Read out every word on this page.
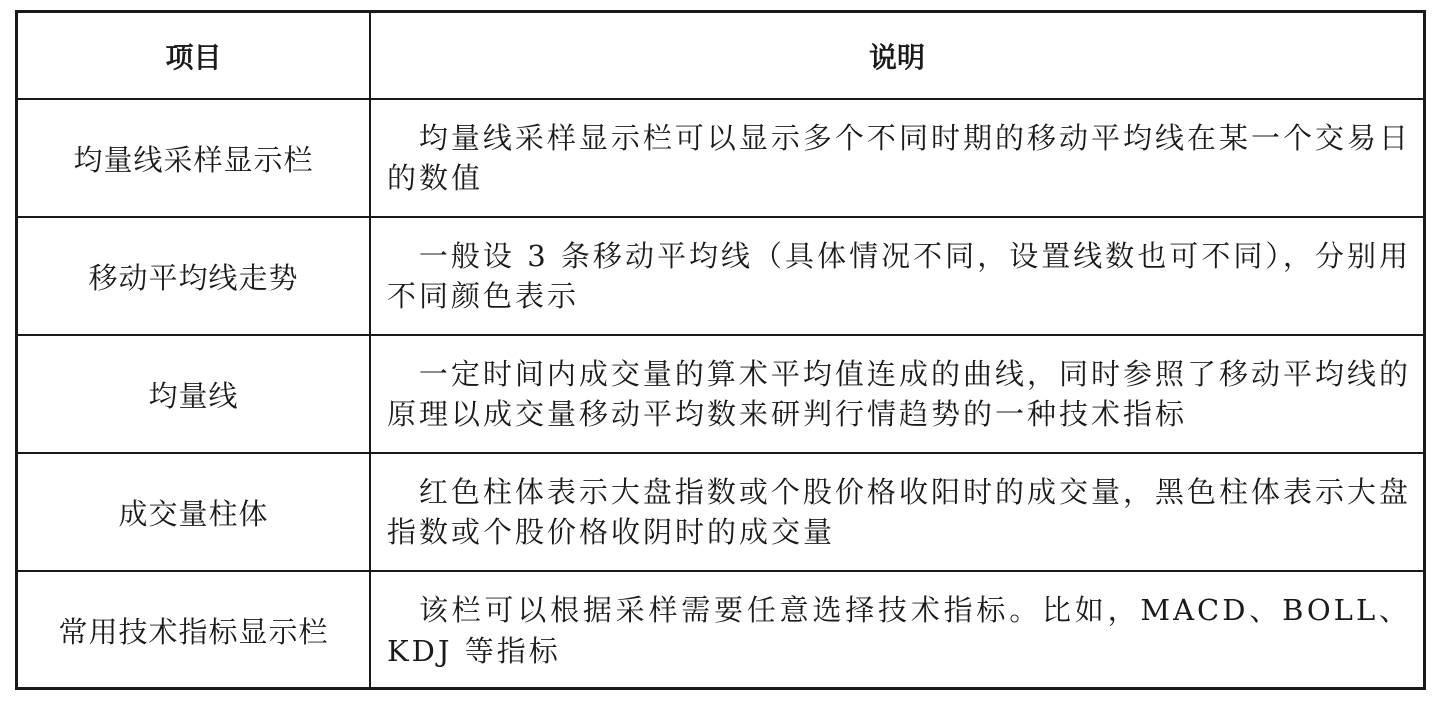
项目	说明
均量线采样显示栏	均量线采样显示栏可以显示多个不同时期的移动平均线在某一个交易日的数值
移动平均线走势	一般设 3 条移动平均线（具体情况不同，设置线数也可不同），分别用不同颜色表示
均量线	一定时间内成交量的算术平均值连成的曲线，同时参照了移动平均线的原理以成交量移动平均数来研判行情趋势的一种技术指标
成交量柱体	红色柱体表示大盘指数或个股价格收阳时的成交量，黑色柱体表示大盘指数或个股价格收阴时的成交量
常用技术指标显示栏	该栏可以根据采样需要任意选择技术指标。比如，MACD、BOLL、KDJ 等指标
